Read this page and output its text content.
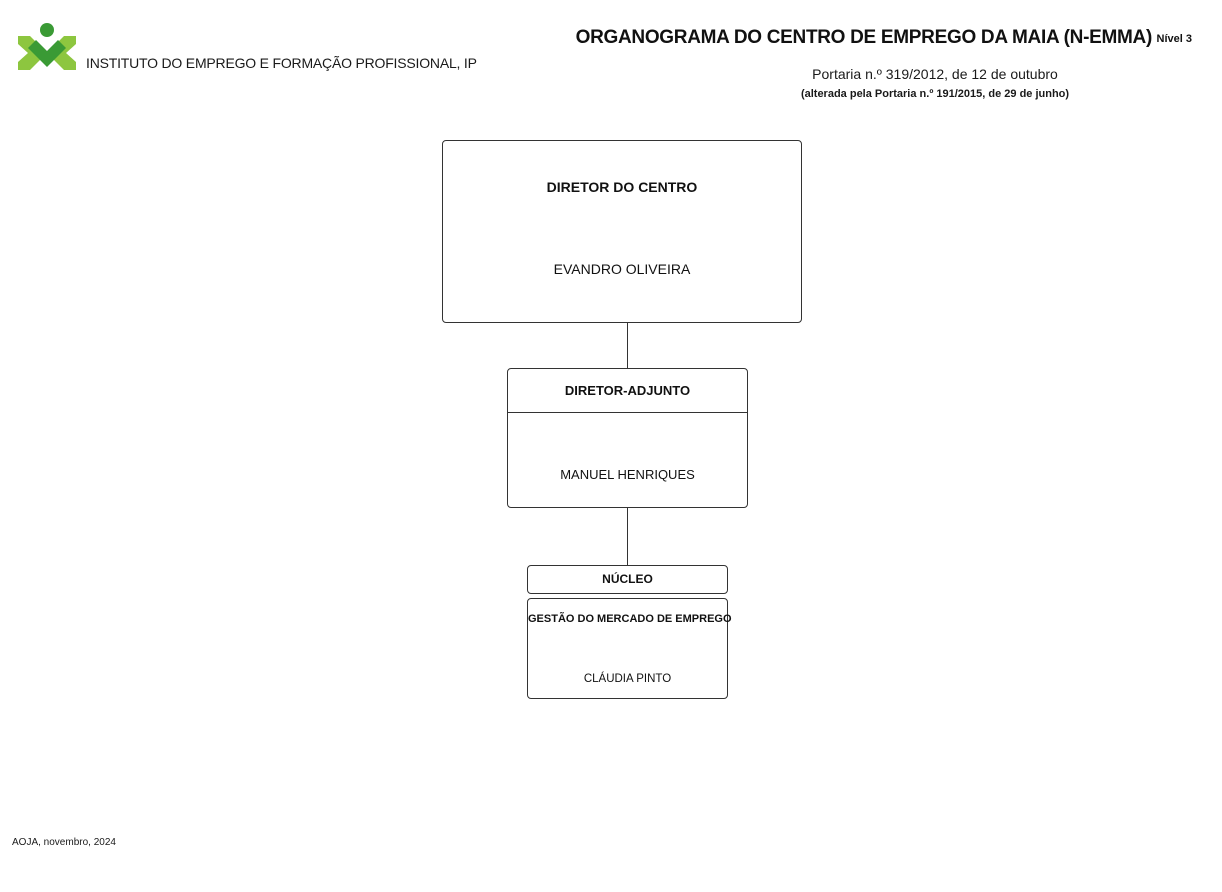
INSTITUTO DO EMPREGO E FORMAÇÃO PROFISSIONAL, IP
ORGANOGRAMA DO CENTRO DE EMPREGO DA MAIA (N-EMMA) Nível 3
Portaria n.º 319/2012, de 12 de outubro
(alterada pela Portaria n.º 191/2015, de 29 de junho)
DIRETOR DO CENTRO
EVANDRO OLIVEIRA
DIRETOR-ADJUNTO
MANUEL HENRIQUES
NÚCLEO
GESTÃO DO MERCADO DE EMPREGO
CLÁUDIA PINTO
AOJA, novembro, 2024
